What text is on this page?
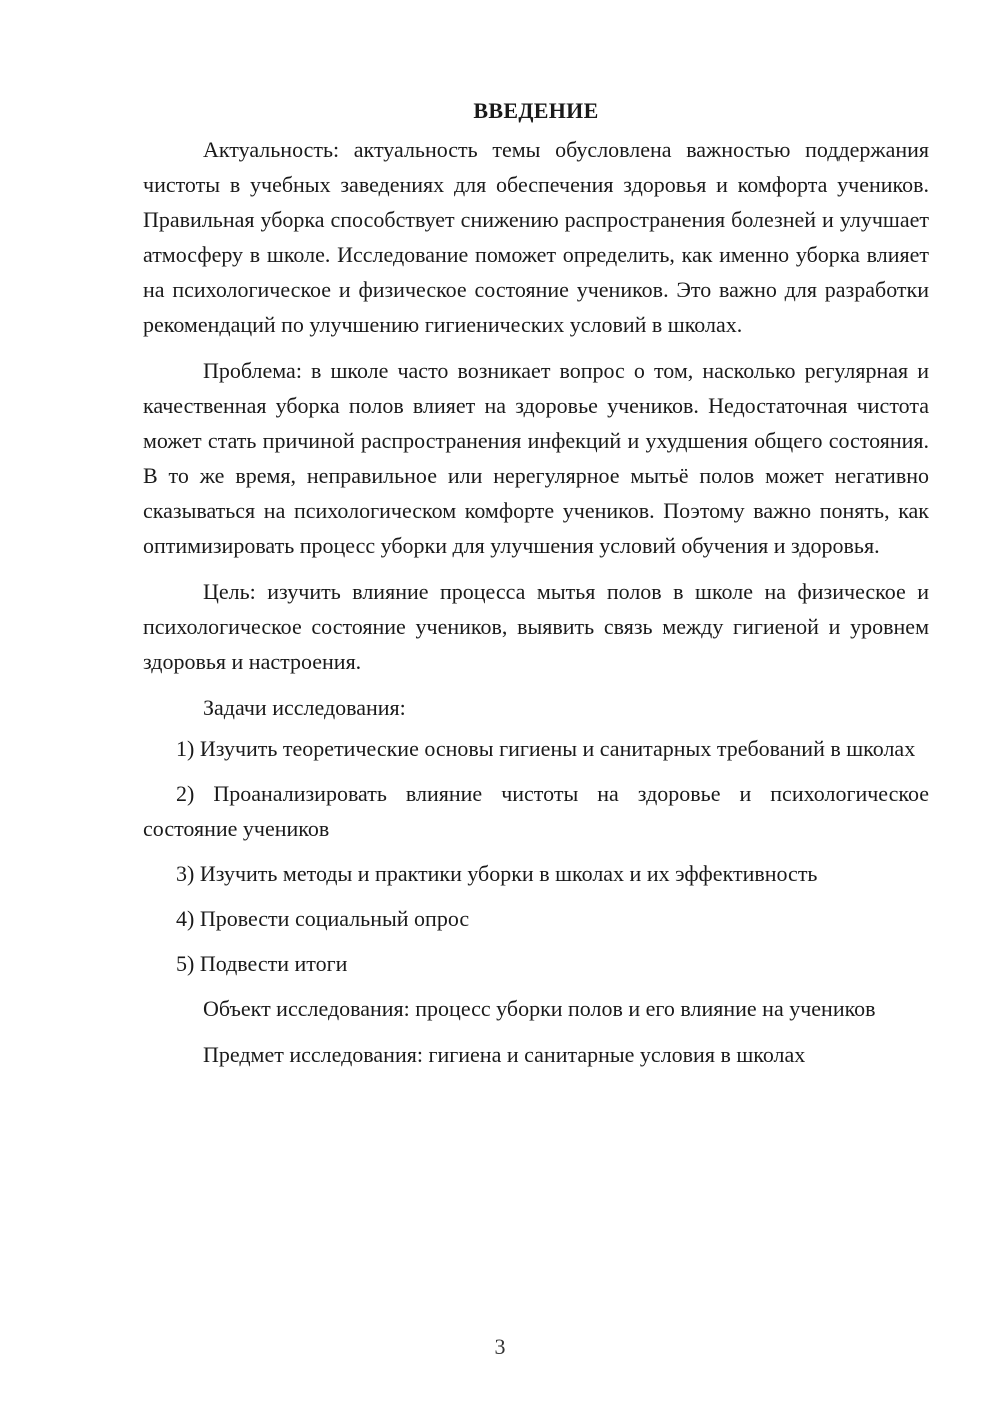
ВВЕДЕНИЕ

Актуальность: актуальность темы обусловлена важностью поддержания чистоты в учебных заведениях для обеспечения здоровья и комфорта учеников. Правильная уборка способствует снижению распространения болезней и улучшает атмосферу в школе. Исследование поможет определить, как именно уборка влияет на психологическое и физическое состояние учеников. Это важно для разработки рекомендаций по улучшению гигиенических условий в школах.

Проблема: в школе часто возникает вопрос о том, насколько регулярная и качественная уборка полов влияет на здоровье учеников. Недостаточная чистота может стать причиной распространения инфекций и ухудшения общего состояния. В то же время, неправильное или нерегулярное мытьё полов может негативно сказываться на психологическом комфорте учеников. Поэтому важно понять, как оптимизировать процесс уборки для улучшения условий обучения и здоровья.

Цель: изучить влияние процесса мытья полов в школе на физическое и психологическое состояние учеников, выявить связь между гигиеной и уровнем здоровья и настроения.

Задачи исследования:

1) Изучить теоретические основы гигиены и санитарных требований в школах

2) Проанализировать влияние чистоты на здоровье и психологическое состояние учеников

3) Изучить методы и практики уборки в школах и их эффективность

4) Провести социальный опрос

5) Подвести итоги

Объект исследования: процесс уборки полов и его влияние на учеников

Предмет исследования: гигиена и санитарные условия в школах

3
